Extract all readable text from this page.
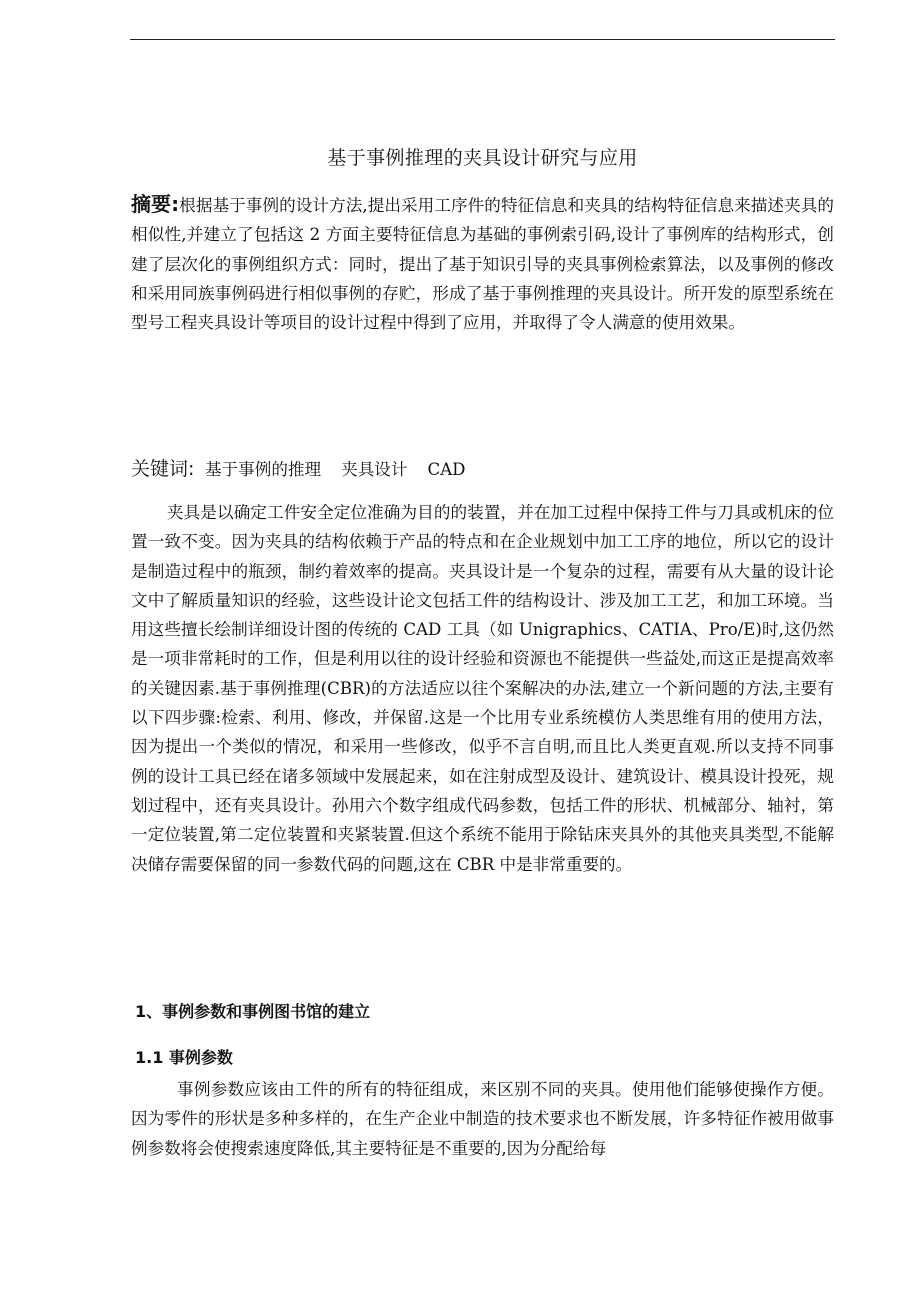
基于事例推理的夹具设计研究与应用

摘要:根据基于事例的设计方法,提出采用工序件的特征信息和夹具的结构特征信息来描述夹具的相似性,并建立了包括这 2 方面主要特征信息为基础的事例索引码,设计了事例库的结构形式，创建了层次化的事例组织方式：同时，提出了基于知识引导的夹具事例检索算法，以及事例的修改和采用同族事例码进行相似事例的存贮，形成了基于事例推理的夹具设计。所开发的原型系统在型号工程夹具设计等项目的设计过程中得到了应用，并取得了令人满意的使用效果。

关键词: 基于事例的推理 夹具设计 CAD

夹具是以确定工件安全定位准确为目的的装置，并在加工过程中保持工件与刀具或机床的位置一致不变。因为夹具的结构依赖于产品的特点和在企业规划中加工工序的地位，所以它的设计是制造过程中的瓶颈，制约着效率的提高。夹具设计是一个复杂的过程，需要有从大量的设计论文中了解质量知识的经验，这些设计论文包括工件的结构设计、涉及加工工艺，和加工环境。当用这些擅长绘制详细设计图的传统的 CAD 工具（如 Unigraphics、CATIA、Pro/E)时,这仍然是一项非常耗时的工作，但是利用以往的设计经验和资源也不能提供一些益处,而这正是提高效率的关键因素.基于事例推理(CBR)的方法适应以往个案解决的办法,建立一个新问题的方法,主要有以下四步骤:检索、利用、修改，并保留.这是一个比用专业系统模仿人类思维有用的使用方法，因为提出一个类似的情况，和采用一些修改，似乎不言自明,而且比人类更直观.所以支持不同事例的设计工具已经在诸多领域中发展起来，如在注射成型及设计、建筑设计、模具设计投死，规划过程中，还有夹具设计。孙用六个数字组成代码参数，包括工件的形状、机械部分、轴衬，第一定位装置,第二定位装置和夹紧装置.但这个系统不能用于除钻床夹具外的其他夹具类型,不能解决储存需要保留的同一参数代码的问题,这在 CBR 中是非常重要的。

1、事例参数和事例图书馆的建立
1.1 事例参数

事例参数应该由工件的所有的特征组成，来区别不同的夹具。使用他们能够使操作方便。因为零件的形状是多种多样的，在生产企业中制造的技术要求也不断发展，许多特征作被用做事例参数将会使搜索速度降低,其主要特征是不重要的,因为分配给每
